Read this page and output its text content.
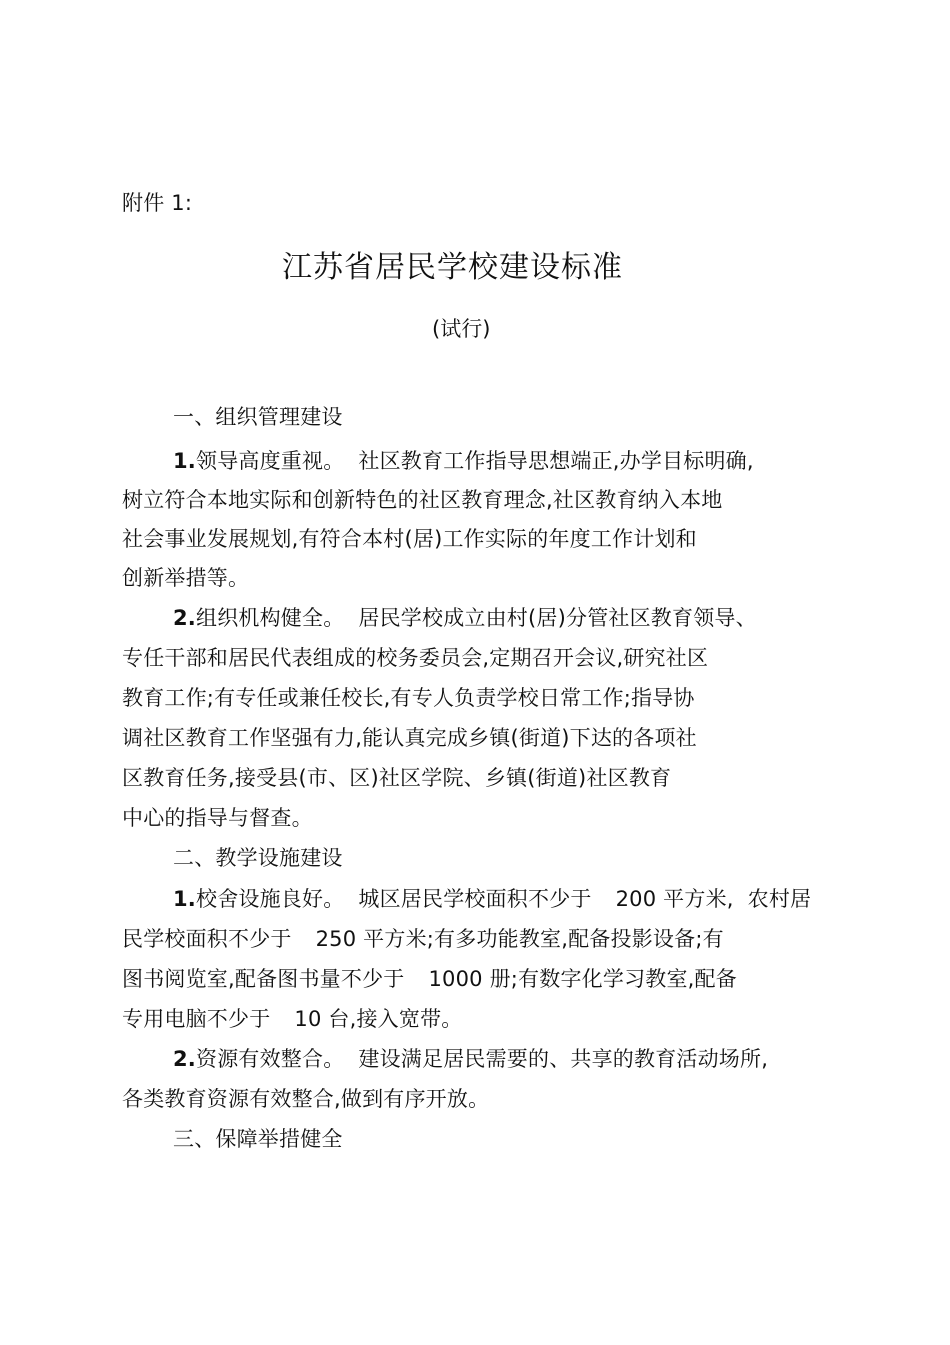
附件 1:
江苏省居民学校建设标准
(试行)
一、组织管理建设
1.领导高度重视。 社区教育工作指导思想端正,办学目标明确,
树立符合本地实际和创新特色的社区教育理念,社区教育纳入本地
社会事业发展规划,有符合本村(居)工作实际的年度工作计划和
创新举措等。
2.组织机构健全。 居民学校成立由村(居)分管社区教育领导、
专任干部和居民代表组成的校务委员会,定期召开会议,研究社区
教育工作;有专任或兼任校长,有专人负责学校日常工作;指导协
调社区教育工作坚强有力,能认真完成乡镇(街道)下达的各项社
区教育任务,接受县(市、区)社区学院、乡镇(街道)社区教育
中心的指导与督查。
二、教学设施建设
1.校舍设施良好。 城区居民学校面积不少于 200 平方米, 农村居
民学校面积不少于 250 平方米;有多功能教室,配备投影设备;有
图书阅览室,配备图书量不少于 1000 册;有数字化学习教室,配备
专用电脑不少于 10 台,接入宽带。
2.资源有效整合。 建设满足居民需要的、共享的教育活动场所,
各类教育资源有效整合,做到有序开放。
三、保障举措健全
